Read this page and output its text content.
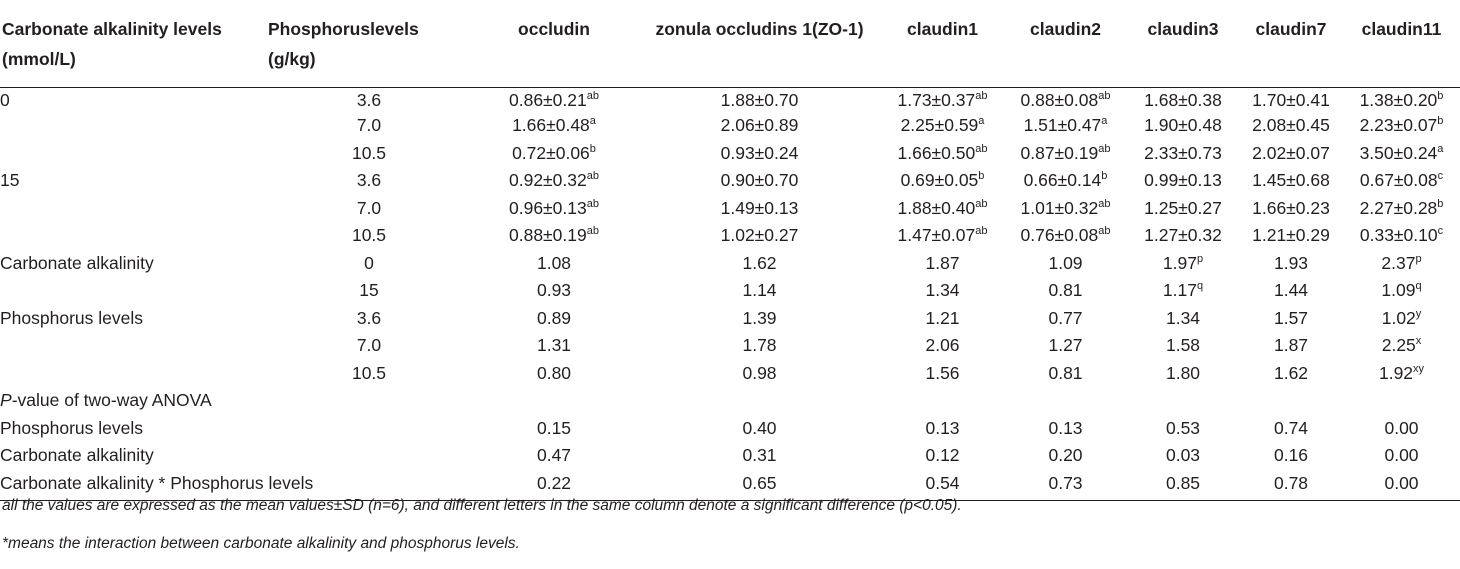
Carbonate alkalinity levels (mmol/L)	Phosphoruslevels (g/kg)	occludin	zonula occludins 1(ZO-1)	claudin1	claudin2	claudin3	claudin7	claudin11
0	3.6	0.86±0.21$^{ab}$	1.88±0.70	1.73±0.37$^{ab}$	0.88±0.08$^{ab}$	1.68±0.38	1.70±0.41	1.38±0.20$^b$
	7.0	1.66±0.48$^a$	2.06±0.89	2.25±0.59$^a$	1.51±0.47$^a$	1.90±0.48	2.08±0.45	2.23±0.07$^b$
	10.5	0.72±0.06$^b$	0.93±0.24	1.66±0.50$^{ab}$	0.87±0.19$^{ab}$	2.33±0.73	2.02±0.07	3.50±0.24$^a$
15	3.6	0.92±0.32$^{ab}$	0.90±0.70	0.69±0.05$^b$	0.66±0.14$^b$	0.99±0.13	1.45±0.68	0.67±0.08$^c$
	7.0	0.96±0.13$^{ab}$	1.49±0.13	1.88±0.40$^{ab}$	1.01±0.32$^{ab}$	1.25±0.27	1.66±0.23	2.27±0.28$^b$
	10.5	0.88±0.19$^{ab}$	1.02±0.27	1.47±0.07$^{ab}$	0.76±0.08$^{ab}$	1.27±0.32	1.21±0.29	0.33±0.10$^c$
Carbonate alkalinity	0	1.08	1.62	1.87	1.09	1.97$^p$	1.93	2.37$^p$
	15	0.93	1.14	1.34	0.81	1.17$^q$	1.44	1.09$^q$
Phosphorus levels	3.6	0.89	1.39	1.21	0.77	1.34	1.57	1.02$^y$
	7.0	1.31	1.78	2.06	1.27	1.58	1.87	2.25$^x$
	10.5	0.80	0.98	1.56	0.81	1.80	1.62	$1.92^{xy}$
P-value of two-way ANOVA								
Phosphorus levels		0.15	0.40	0.13	0.13	0.53	0.74	0.00
Carbonate alkalinity		0.47	0.31	0.12	0.20	0.03	0.16	0.00
Carbonate alkalinity * Phosphorus levels		0.22	0.65	0.54	0.73	0.85	0.78	0.00
all the values are expressed as the mean values±SD (n=6), and different letters in the same column denote a significant difference (p<0.05).
*means the interaction between carbonate alkalinity and phosphorus levels.
